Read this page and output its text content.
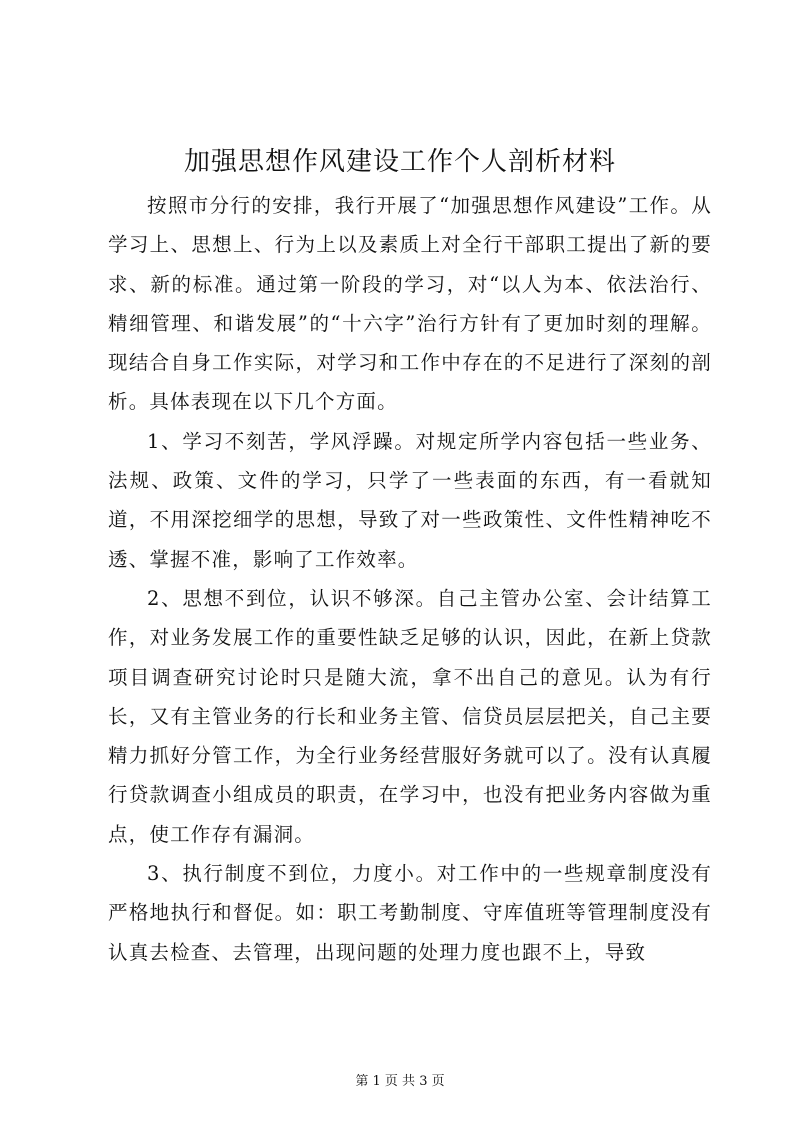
加强思想作风建设工作个人剖析材料

按照市分行的安排，我行开展了“加强思想作风建设”工作。从学习上、思想上、行为上以及素质上对全行干部职工提出了新的要求、新的标准。通过第一阶段的学习，对“以人为本、依法治行、精细管理、和谐发展”的“十六字”治行方针有了更加时刻的理解。现结合自身工作实际，对学习和工作中存在的不足进行了深刻的剖析。具体表现在以下几个方面。

1、学习不刻苦，学风浮躁。对规定所学内容包括一些业务、法规、政策、文件的学习，只学了一些表面的东西，有一看就知道，不用深挖细学的思想，导致了对一些政策性、文件性精神吃不透、掌握不准，影响了工作效率。

2、思想不到位，认识不够深。自己主管办公室、会计结算工作，对业务发展工作的重要性缺乏足够的认识，因此，在新上贷款项目调查研究讨论时只是随大流，拿不出自己的意见。认为有行长，又有主管业务的行长和业务主管、信贷员层层把关，自己主要精力抓好分管工作，为全行业务经营服好务就可以了。没有认真履行贷款调查小组成员的职责，在学习中，也没有把业务内容做为重点，使工作存有漏洞。

3、执行制度不到位，力度小。对工作中的一些规章制度没有严格地执行和督促。如：职工考勤制度、守库值班等管理制度没有认真去检查、去管理，出现问题的处理力度也跟不上，导致

第 1 页 共 3 页
